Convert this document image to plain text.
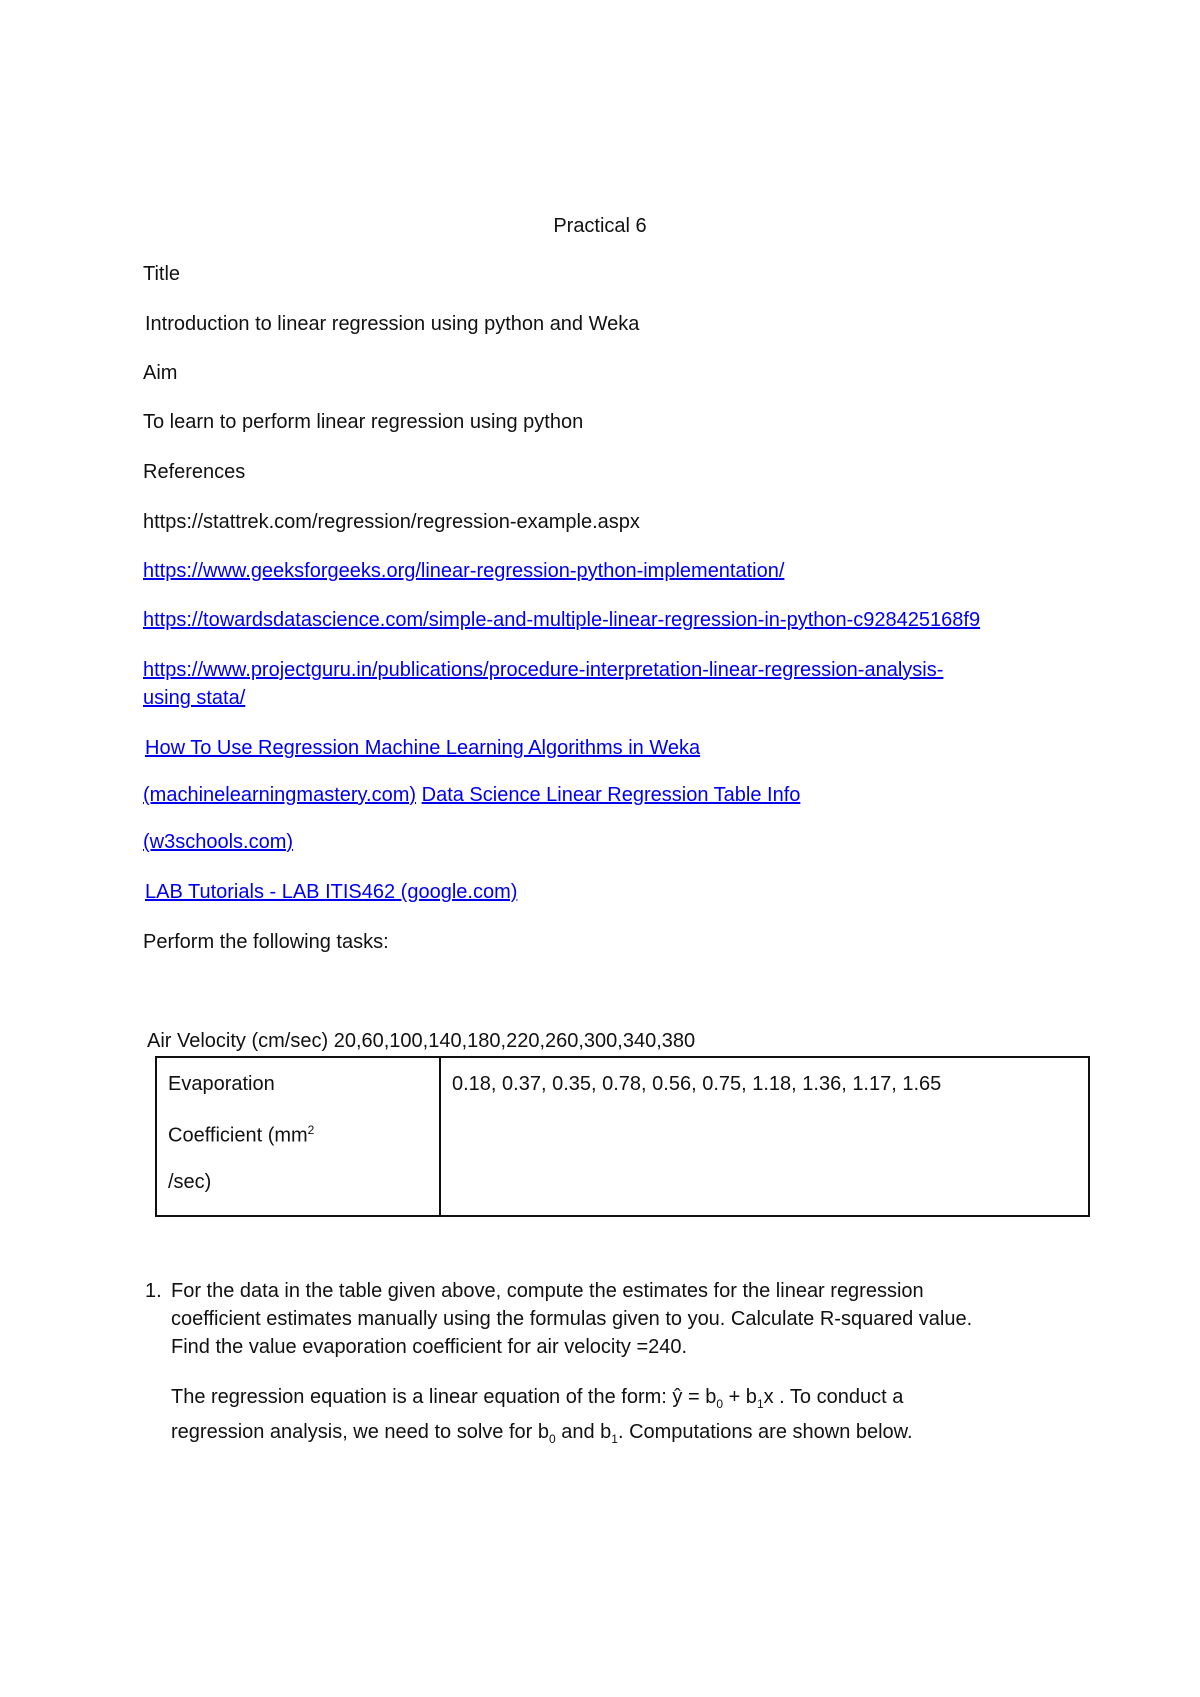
Practical 6
Title
Introduction to linear regression using python and Weka
Aim
To learn to perform linear regression using python
References
https://stattrek.com/regression/regression-example.aspx
https://www.geeksforgeeks.org/linear-regression-python-implementation/
https://towardsdatascience.com/simple-and-multiple-linear-regression-in-python-c928425168f9
https://www.projectguru.in/publications/procedure-interpretation-linear-regression-analysis-
using stata/
How To Use Regression Machine Learning Algorithms in Weka
(machinelearningmastery.com) Data Science Linear Regression Table Info
(w3schools.com)
LAB Tutorials - LAB ITIS462 (google.com)
Perform the following tasks:
Air Velocity (cm/sec) 20,60,100,140,180,220,260,300,340,380
Evaporation
Coefficient ($mm^2$
/sec)
	0.18, 0.37, 0.35, 0.78, 0.56, 0.75, 1.18, 1.36, 1.17, 1.65
1. For the data in the table given above, compute the estimates for the linear regression
coefficient estimates manually using the formulas given to you. Calculate R-squared value.
Find the value evaporation coefficient for air velocity =240.
The regression equation is a linear equation of the form: ŷ = $b_0 + b_1x$ . To conduct a
regression analysis, we need to solve for $b_0$ and $b_1$. Computations are shown below.
